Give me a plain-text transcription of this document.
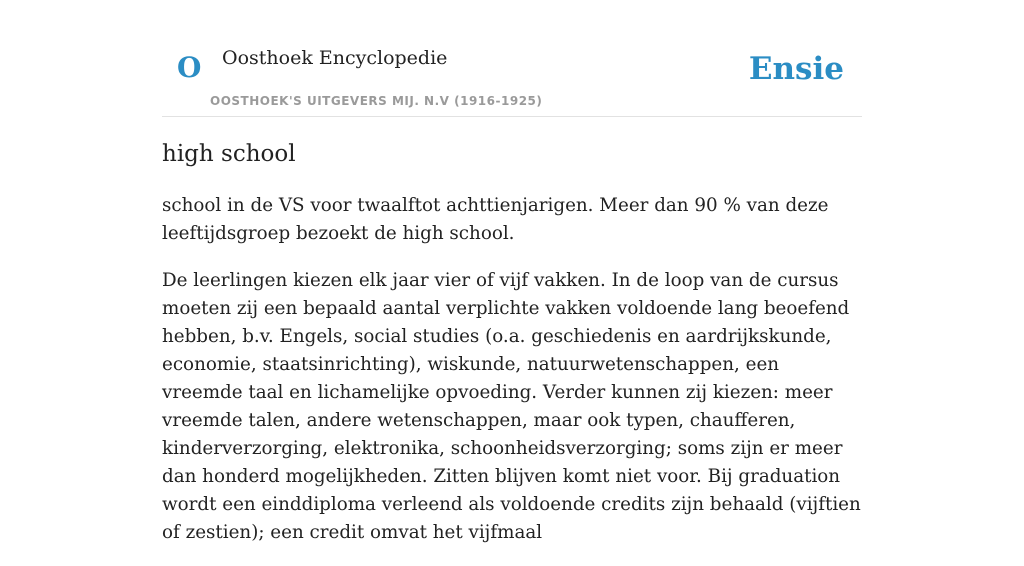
O Oosthoek Encyclopedie
OOSTHOEK'S UITGEVERS MIJ. N.V (1916-1925)
Ensie
high school

school in de VS voor twaalftot achttienjarigen. Meer dan 90 % van deze leeftijdsgroep bezoekt de high school.

De leerlingen kiezen elk jaar vier of vijf vakken. In de loop van de cursus moeten zij een bepaald aantal verplichte vakken voldoende lang beoefend hebben, b.v. Engels, social studies (o.a. geschiedenis en aardrijkskunde, economie, staatsinrichting), wiskunde, natuurwetenschappen, een vreemde taal en lichamelijke opvoeding. Verder kunnen zij kiezen: meer vreemde talen, andere wetenschappen, maar ook typen, chaufferen, kinderverzorging, elektronika, schoonheidsverzorging; soms zijn er meer dan honderd mogelijkheden. Zitten blijven komt niet voor. Bij graduation wordt een einddiploma verleend als voldoende credits zijn behaald (vijftien of zestien); een credit omvat het vijfmaal
